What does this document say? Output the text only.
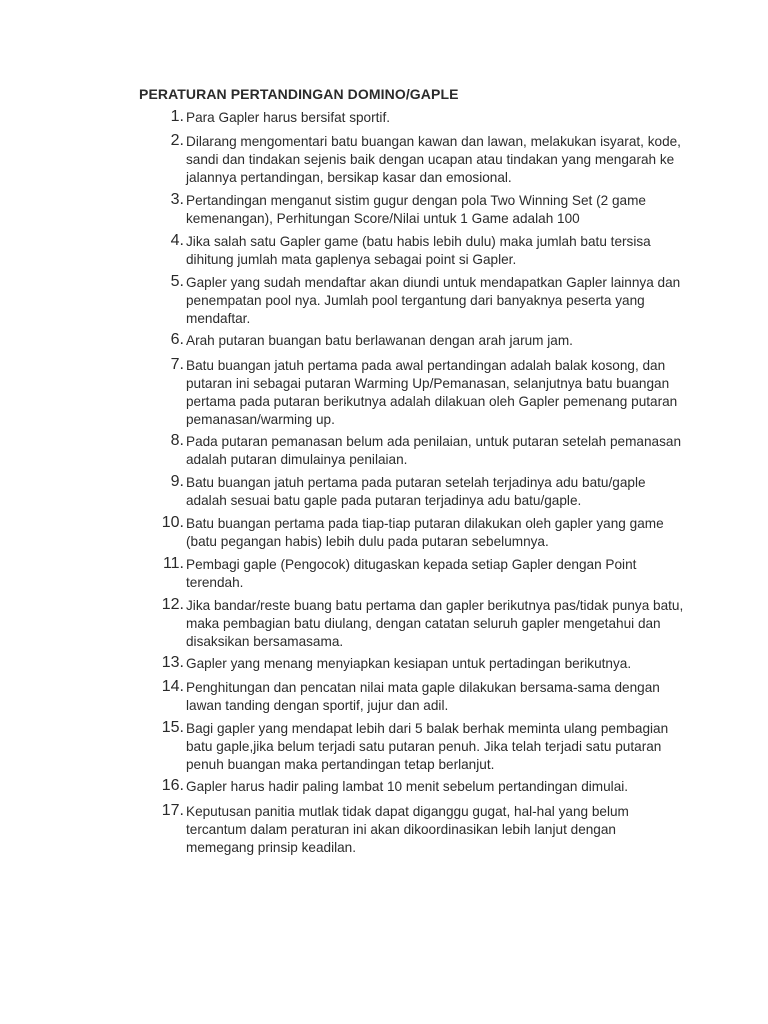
PERATURAN PERTANDINGAN DOMINO/GAPLE
1. Para Gapler harus bersifat sportif.
2. Dilarang mengomentari batu buangan kawan dan lawan, melakukan isyarat, kode, sandi dan tindakan sejenis baik dengan ucapan atau tindakan yang mengarah ke jalannya pertandingan, bersikap kasar dan emosional.
3. Pertandingan menganut sistim gugur dengan pola Two Winning Set (2 game kemenangan), Perhitungan Score/Nilai untuk 1 Game adalah 100
4. Jika salah satu Gapler game (batu habis lebih dulu) maka jumlah batu tersisa dihitung jumlah mata gaplenya sebagai point si Gapler.
5. Gapler yang sudah mendaftar akan diundi untuk mendapatkan Gapler lainnya dan penempatan pool nya. Jumlah pool tergantung dari banyaknya peserta yang mendaftar.
6. Arah putaran buangan batu berlawanan dengan arah jarum jam.
7. Batu buangan jatuh pertama pada awal pertandingan adalah balak kosong, dan putaran ini sebagai putaran Warming Up/Pemanasan, selanjutnya batu buangan pertama pada putaran berikutnya adalah dilakuan oleh Gapler pemenang putaran pemanasan/warming up.
8. Pada putaran pemanasan belum ada penilaian, untuk putaran setelah pemanasan adalah putaran dimulainya penilaian.
9. Batu buangan jatuh pertama pada putaran setelah terjadinya adu batu/gaple adalah sesuai batu gaple pada putaran terjadinya adu batu/gaple.
10. Batu buangan pertama pada tiap-tiap putaran dilakukan oleh gapler yang game (batu pegangan habis) lebih dulu pada putaran sebelumnya.
11. Pembagi gaple (Pengocok) ditugaskan kepada setiap Gapler dengan Point terendah.
12. Jika bandar/reste buang batu pertama dan gapler berikutnya pas/tidak punya batu, maka pembagian batu diulang, dengan catatan seluruh gapler mengetahui dan disaksikan bersamasama.
13. Gapler yang menang menyiapkan kesiapan untuk pertadingan berikutnya.
14. Penghitungan dan pencatan nilai mata gaple dilakukan bersama-sama dengan lawan tanding dengan sportif, jujur dan adil.
15. Bagi gapler yang mendapat lebih dari 5 balak berhak meminta ulang pembagian batu gaple,jika belum terjadi satu putaran penuh. Jika telah terjadi satu putaran penuh buangan maka pertandingan tetap berlanjut.
16. Gapler harus hadir paling lambat 10 menit sebelum pertandingan dimulai.
17. Keputusan panitia mutlak tidak dapat diganggu gugat, hal-hal yang belum tercantum dalam peraturan ini akan dikoordinasikan lebih lanjut dengan memegang prinsip keadilan.
